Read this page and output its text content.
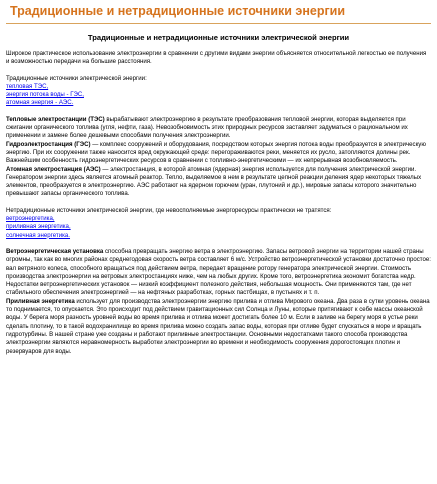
Традиционные и нетрадиционные источники энергии
Традиционные и нетрадиционные источники электрической энергии

Широкое практическое использование электроэнергии в сравнении с другими видами энергии объясняется относительной легкостью ее получения и возможностью передачи на большие расстояния.

Традиционные источники электрической энергии:

тепловая ТЭС,
энергия потока воды - ГЭС,
атомная энергия - АЭС.

Тепловые электростанции (ТЭС) вырабатывают электроэнергию в результате преобразования тепловой энергии, которая выделяется при сжигании органического топлива (угля, нефти, газа). Невозобновимость этих природных ресурсов заставляет задуматься о рациональном их применении и замене более дешевыми способами получения электроэнергии.

Гидроэлектростанция (ГЭС) — комплекс сооружений и оборудования, посредством которых энергия потока воды преобразуется в электрическую энергию. При их сооружении также наносится вред окружающей среде: перегораживаются реки, меняется их русло, затопляются долины рек. Важнейшим особенность гидроэнергетических ресурсов в сравнении с топливно-энергетическими — их непрерывная возобновляемость.

Атомная электростанция (АЭС) — электростанция, в которой атомная (ядерная) энергия используется для получения электрической энергии. Генератором энергии здесь является атомный реактор. Тепло, выделяемое в нем в результате цепной реакции деления ядер некоторых тяжелых элементов, преобразуется в электроэнергию. АЭС работают на ядерном горючем (уран, плутоний и др.), мировые запасы которого значительно превышают запасы органического топлива.

Нетрадиционные источники электрической энергии, где невосполняемые энергоресурсы практически не тратятся:

ветроэнергетика,
приливная энергетика,
солнечная энергетика.

Ветроэнергетическая установка способна превращать энергию ветра в электроэнергию. Запасы ветровой энергии на территории нашей страны огромны, так как во многих районах среднегодовая скорость ветра составляет 6 м/с. Устройство ветроэнергетической установки достаточно простое: вал ветряного колеса, способного вращаться под действием ветра, передает вращение ротору генератора электрической энергии. Стоимость производства электроэнергии на ветровых электростанциях ниже, чем на любых других. Кроме того, ветроэнергетика экономит богатства недр. Недостатки ветроэнергетических установок — низкий коэффициент полезного действия, небольшая мощность. Они применяются там, где нет стабильного обеспечения электроэнергией — на нефтяных разработках, горных пастбищах, в пустынях и т. п.

Приливная энергетика использует для производства электроэнергии энергию прилива и отлива Мирового океана. Два раза в сутки уровень океана то поднимается, то опускается. Это происходит под действием гравитационных сил Солнца и Луны, которые притягивают к себе массы океанской воды. У берега моря разность уровней воды во время прилива и отлива может достигать более 10 м. Если в заливе на берегу моря в устье реки сделать плотину, то в такой водохранилище во время прилива можно создать запас воды, которая при отливе будет спускаться в море и вращать гидротурбины. В нашей стране уже созданы и работают приливные электростанции. Основными недостатками такого способа производства электроэнергии являются неравномерность выработки электроэнергии во времени и необходимость сооружения дорогостоящих плотин и резервуаров для воды.
